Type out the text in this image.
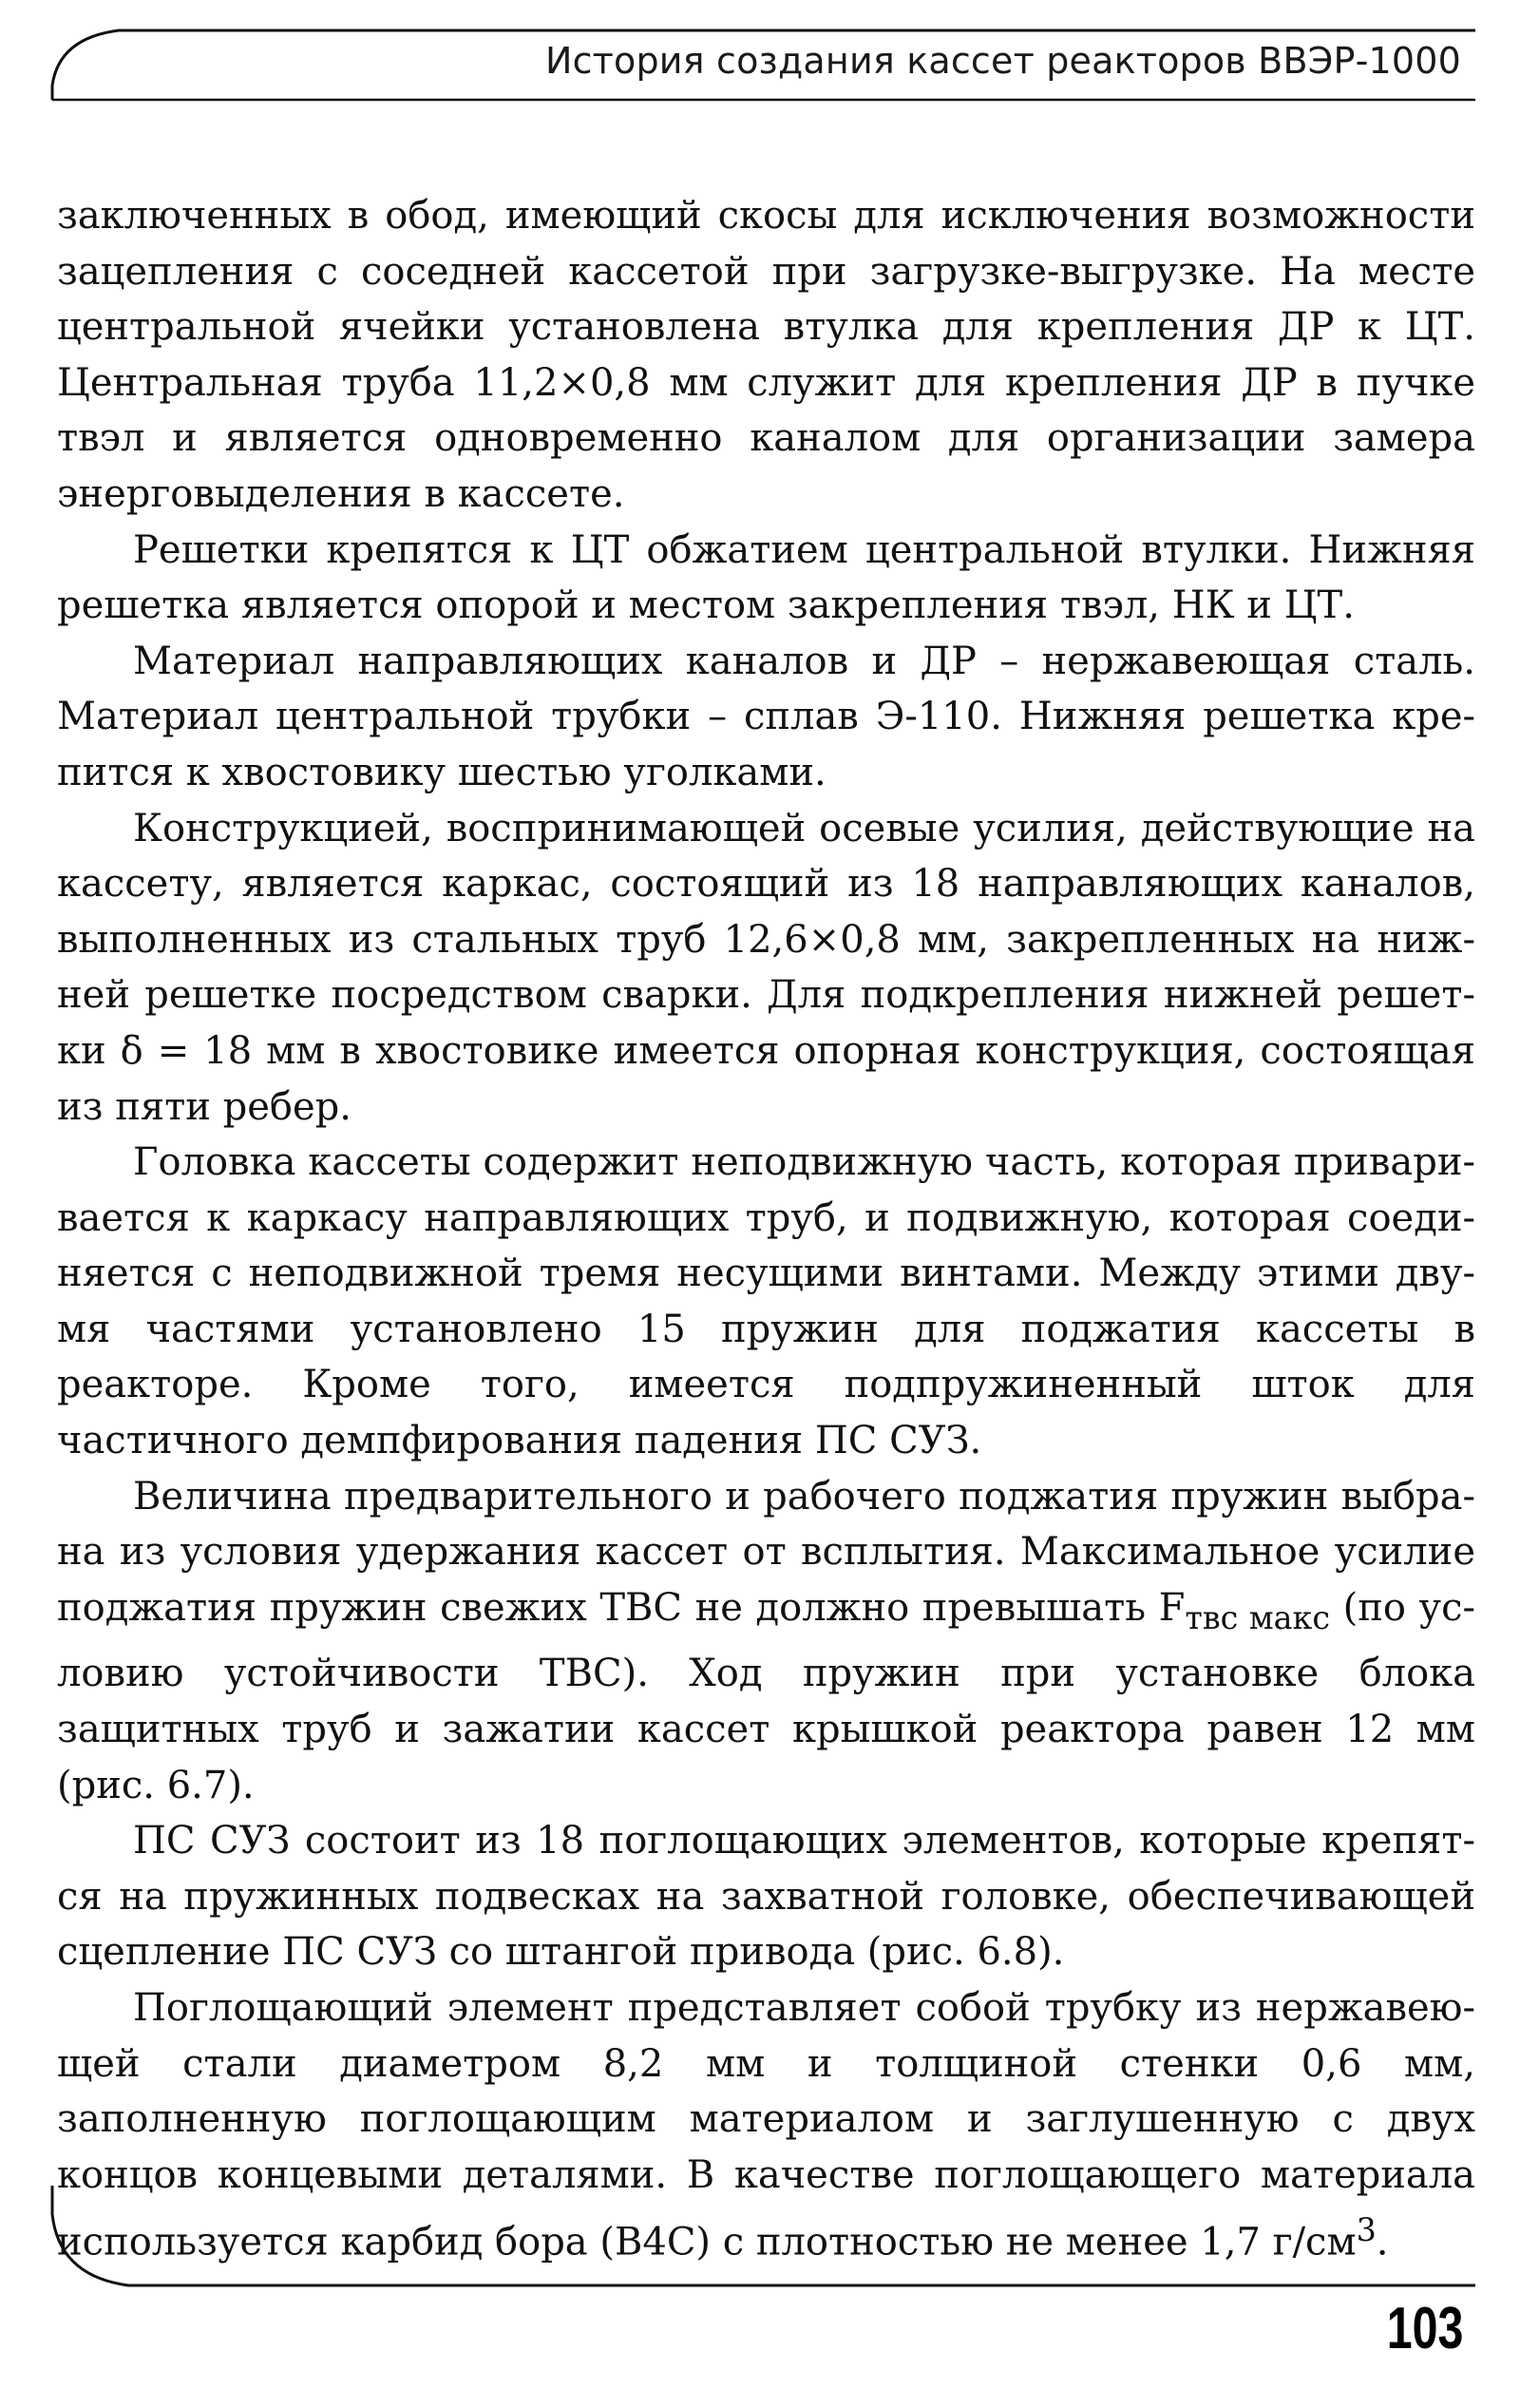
История создания кассет реакторов ВВЭР-1000

заключенных в обод, имеющий скосы для исключения возможности зацепления с соседней кассетой при загрузке-выгрузке. На месте центральной ячейки установлена втулка для крепления ДР к ЦТ. Центральная труба 11,2×0,8 мм служит для крепления ДР в пучке твэл и является одновременно каналом для организации замера энерговыделения в кассете.

Решетки крепятся к ЦТ обжатием центральной втулки. Нижняя решетка является опорой и местом закрепления твэл, НК и ЦТ.

Материал направляющих каналов и ДР – нержавеющая сталь. Материал центральной трубки – сплав Э-110. Нижняя решетка крепится к хвостовику шестью уголками.

Конструкцией, воспринимающей осевые усилия, действующие на кассету, является каркас, состоящий из 18 направляющих каналов, выполненных из стальных труб 12,6×0,8 мм, закрепленных на нижней решетке посредством сварки. Для подкрепления нижней решетки δ = 18 мм в хвостовике имеется опорная конструкция, состоящая из пяти ребер.

Головка кассеты содержит неподвижную часть, которая приваривается к каркасу направляющих труб, и подвижную, которая соединяется с неподвижной тремя несущими винтами. Между этими двумя частями установлено 15 пружин для поджатия кассеты в реакторе. Кроме того, имеется подпружиненный шток для частичного демпфирования падения ПС СУЗ.

Величина предварительного и рабочего поджатия пружин выбрана из условия удержания кассет от всплытия. Максимальное усилие поджатия пружин свежих ТВС не должно превышать $F_{твс макс}$ (по условию устойчивости ТВС). Ход пружин при установке блока защитных труб и зажатии кассет крышкой реактора равен 12 мм (рис. 6.7).

ПС СУЗ состоит из 18 поглощающих элементов, которые крепятся на пружинных подвесках на захватной головке, обеспечивающей сцепление ПС СУЗ со штангой привода (рис. 6.8).

Поглощающий элемент представляет собой трубку из нержавеющей стали диаметром 8,2 мм и толщиной стенки 0,6 мм, заполненную поглощающим материалом и заглушенную с двух концов концевыми деталями. В качестве поглощающего материала используется карбид бора (В4С) с плотностью не менее 1,7 $г/см^3$.

103
